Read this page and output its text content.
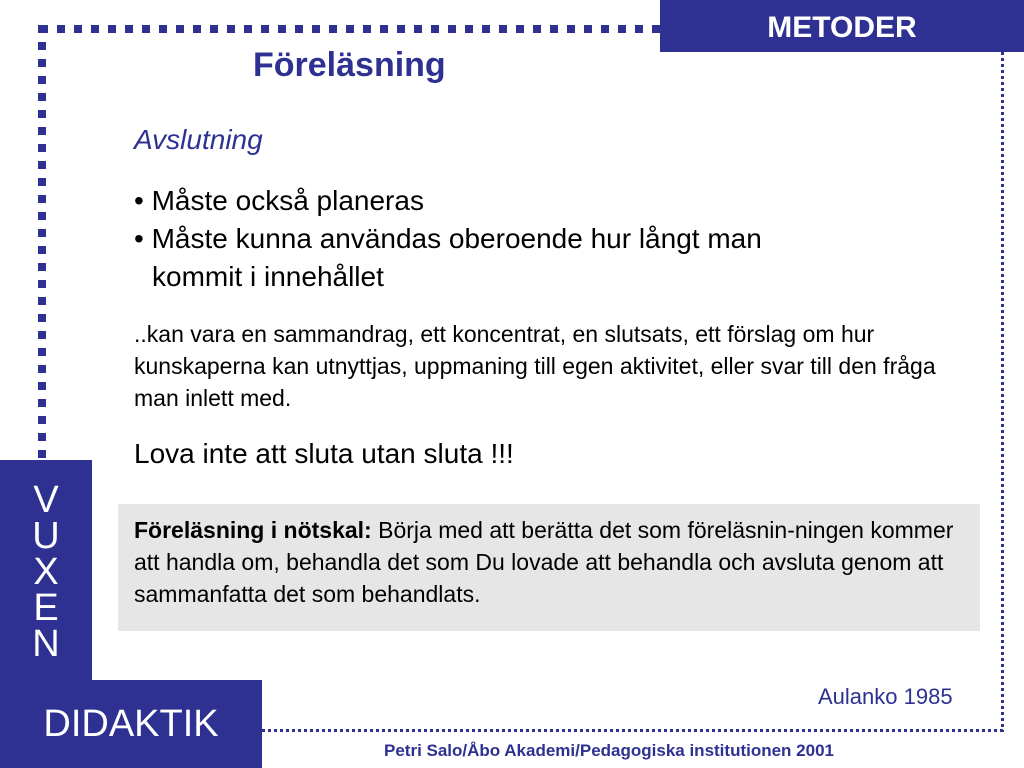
METODER
Föreläsning
Avslutning

• Måste också planeras

• Måste kunna användas oberoende hur långt man
kommit i innehållet

..kan vara en sammandrag, ett koncentrat, en slutsats, ett förslag om hur kunskaperna kan utnyttjas, uppmaning till egen aktivitet, eller svar till den fråga man inlett med.
Lova inte att sluta utan sluta !!!
Föreläsning i nötskal: Börja med att berätta det som föreläsnin-ningen kommer att handla om, behandla det som Du lovade att behandla och avsluta genom att sammanfatta det som behandlats.
Aulanko 1985
V
U
X
E
N
DIDAKTIK
Petri Salo/Åbo Akademi/Pedagogiska institutionen 2001
